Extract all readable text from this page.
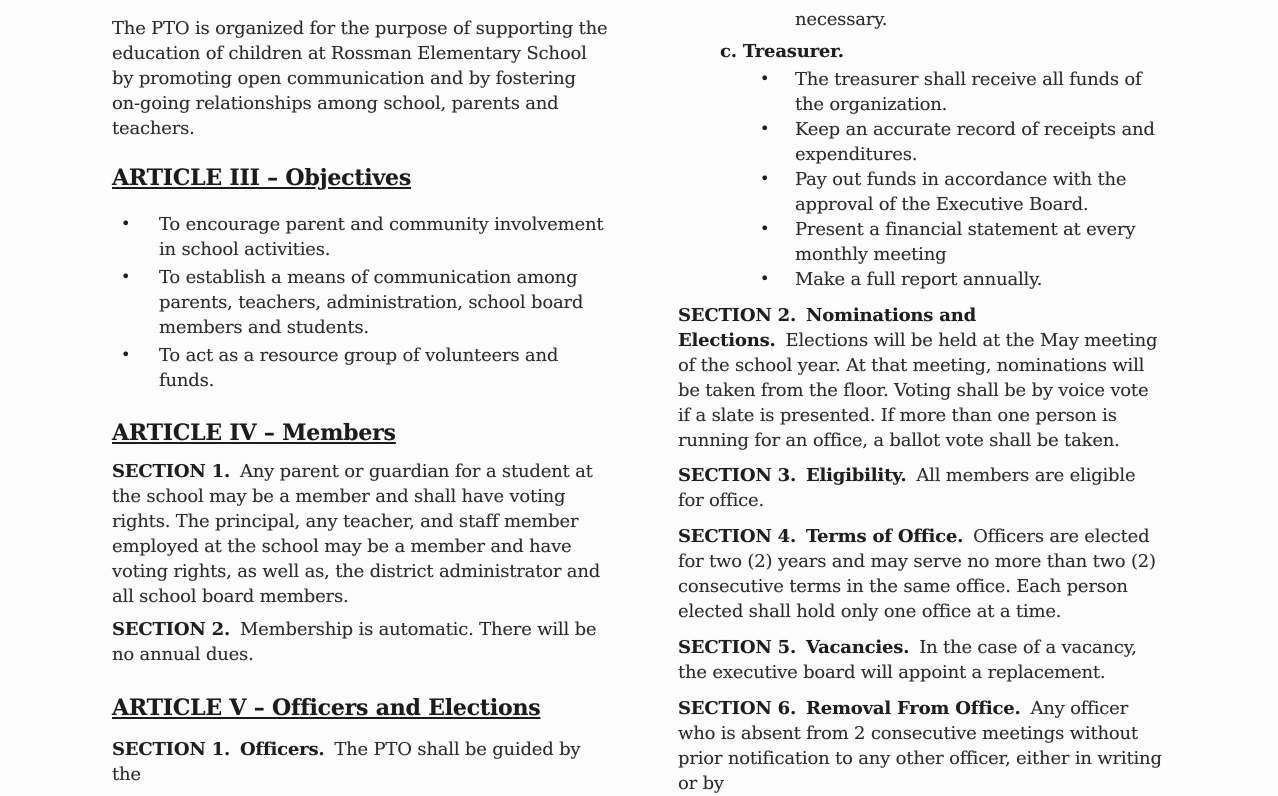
The PTO is organized for the purpose of supporting the education of children at Rossman Elementary School by promoting open communication and by fostering on-going relationships among school, parents and teachers.

ARTICLE III – Objectives
• To encourage parent and community involvement in school activities.
• To establish a means of communication among parents, teachers, administration, school board members and students.
• To act as a resource group of volunteers and funds.
ARTICLE IV – Members

SECTION 1. Any parent or guardian for a student at the school may be a member and shall have voting rights. The principal, any teacher, and staff member employed at the school may be a member and have voting rights, as well as, the district administrator and all school board members.

SECTION 2. Membership is automatic. There will be no annual dues.

ARTICLE V – Officers and Elections

SECTION 1. Officers. The PTO shall be guided by the

necessary.

c. Treasurer.

• The treasurer shall receive all funds of the organization.
• Keep an accurate record of receipts and expenditures.
• Pay out funds in accordance with the approval of the Executive Board.
• Present a financial statement at every monthly meeting
• Make a full report annually.

SECTION 2. Nominations and Elections. Elections will be held at the May meeting of the school year. At that meeting, nominations will be taken from the floor. Voting shall be by voice vote if a slate is presented. If more than one person is running for an office, a ballot vote shall be taken.

SECTION 3. Eligibility. All members are eligible for office.

SECTION 4. Terms of Office. Officers are elected for two (2) years and may serve no more than two (2) consecutive terms in the same office. Each person elected shall hold only one office at a time.

SECTION 5. Vacancies. In the case of a vacancy, the executive board will appoint a replacement.

SECTION 6. Removal From Office. Any officer who is absent from 2 consecutive meetings without prior notification to any other officer, either in writing or by
